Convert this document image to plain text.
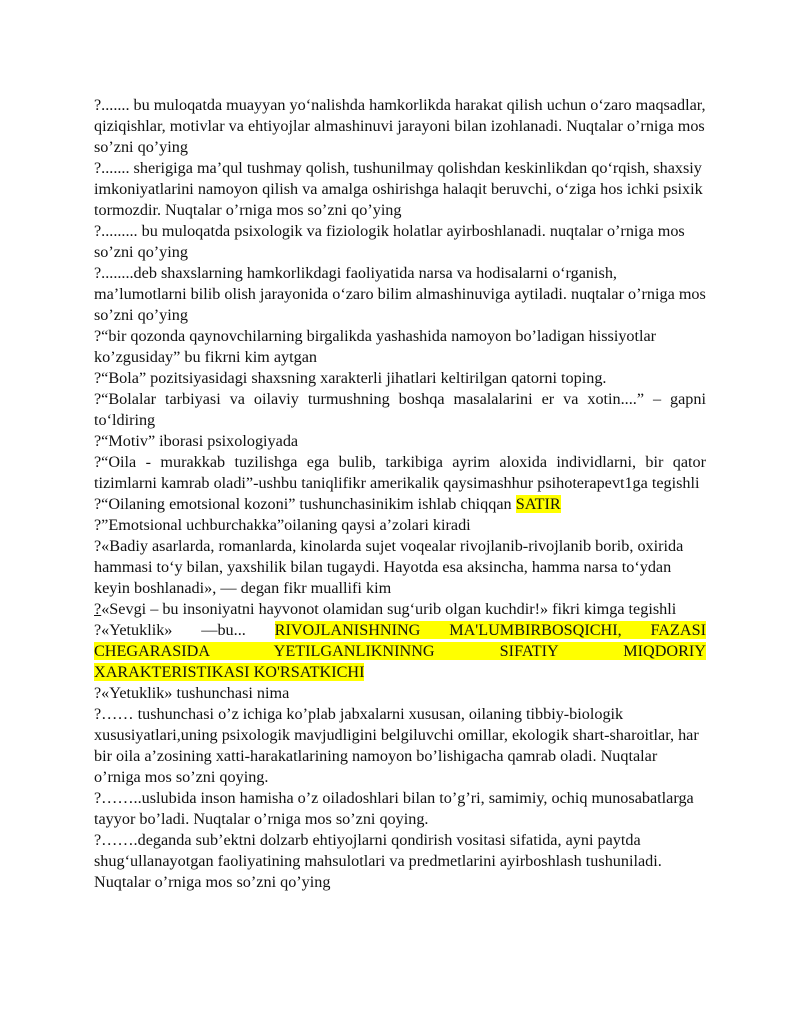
?....... bu muloqatda muayyan yo‘nalishda hamkorlikda harakat qilish uchun o‘zaro maqsadlar, qiziqishlar, motivlar va ehtiyojlar almashinuvi jarayoni bilan izohlanadi. Nuqtalar o’rniga mos so’zni qo’ying

?....... sherigiga ma’qul tushmay qolish, tushunilmay qolishdan keskinlikdan qo‘rqish, shaxsiy imkoniyatlarini namoyon qilish va amalga oshirishga halaqit beruvchi, o‘ziga hos ichki psixik tormozdir. Nuqtalar o’rniga mos so’zni qo’ying

?......... bu muloqatda psixologik va fiziologik holatlar ayirboshlanadi. nuqtalar o’rniga mos so’zni qo’ying

?........deb shaxslarning hamkorlikdagi faoliyatida narsa va hodisalarni o‘rganish, ma’lumotlarni bilib olish jarayonida o‘zaro bilim almashinuviga aytiladi. nuqtalar o’rniga mos so’zni qo’ying

?“bir qozonda qaynovchilarning birgalikda yashashida namoyon bo’ladigan hissiyotlar ko’zgusiday” bu fikrni kim aytgan

?“Bola” pozitsiyasidagi shaxsning xarakterli jihatlari keltirilgan qatorni toping.

?“Bolalar tarbiyasi va oilaviy turmushning boshqa masalalarini er va xotin....” – gapni to‘ldiring

?“Motiv” iborasi psixologiyada

?“Oila - murakkab tuzilishga ega bulib, tarkibiga ayrim aloxida individlarni, bir qator tizimlarni kamrab oladi”-ushbu taniqlifikr amerikalik qaysimashhur psihoterapevt1ga tegishli

?“Oilaning emotsional kozoni” tushunchasinikim ishlab chiqqan SATIR

?”Emotsional uchburchakka”oilaning qaysi a’zolari kiradi

?«Badiy asarlarda, romanlarda, kinolarda sujet voqealar rivojlanib-rivojlanib borib, oxirida hammasi to‘y bilan, yaxshilik bilan tugaydi. Hayotda esa aksincha, hamma narsa to‘ydan keyin boshlanadi», — degan fikr muallifi kim

?«Sevgi – bu insoniyatni hayvonot olamidan sug‘urib olgan kuchdir!» fikri kimga tegishli

?«Yetuklik» —bu... RIVOJLANISHNING MA'LUMBIRBOSQICHI, FAZASI CHEGARASIDA YETILGANLIKNINNG SIFATIY MIQDORIY

XARAKTERISTIKASI KO'RSATKICHI

?«Yetuklik» tushunchasi nima

?…… tushunchasi o’z ichiga ko’plab jabxalarni xususan, oilaning tibbiy-biologik xususiyatlari,uning psixologik mavjudligini belgiluvchi omillar, ekologik shart-sharoitlar, har bir oila a’zosining xatti-harakatlarining namoyon bo’lishigacha qamrab oladi. Nuqtalar o’rniga mos so’zni qoying.

?……..uslubida inson hamisha o’z oiladoshlari bilan to’g’ri, samimiy, ochiq munosabatlarga tayyor bo’ladi. Nuqtalar o’rniga mos so’zni qoying.

?…….deganda sub’ektni dolzarb ehtiyojlarni qondirish vositasi sifatida, ayni paytda shug‘ullanayotgan faoliyatining mahsulotlari va predmetlarini ayirboshlash tushuniladi. Nuqtalar o’rniga mos so’zni qo’ying
